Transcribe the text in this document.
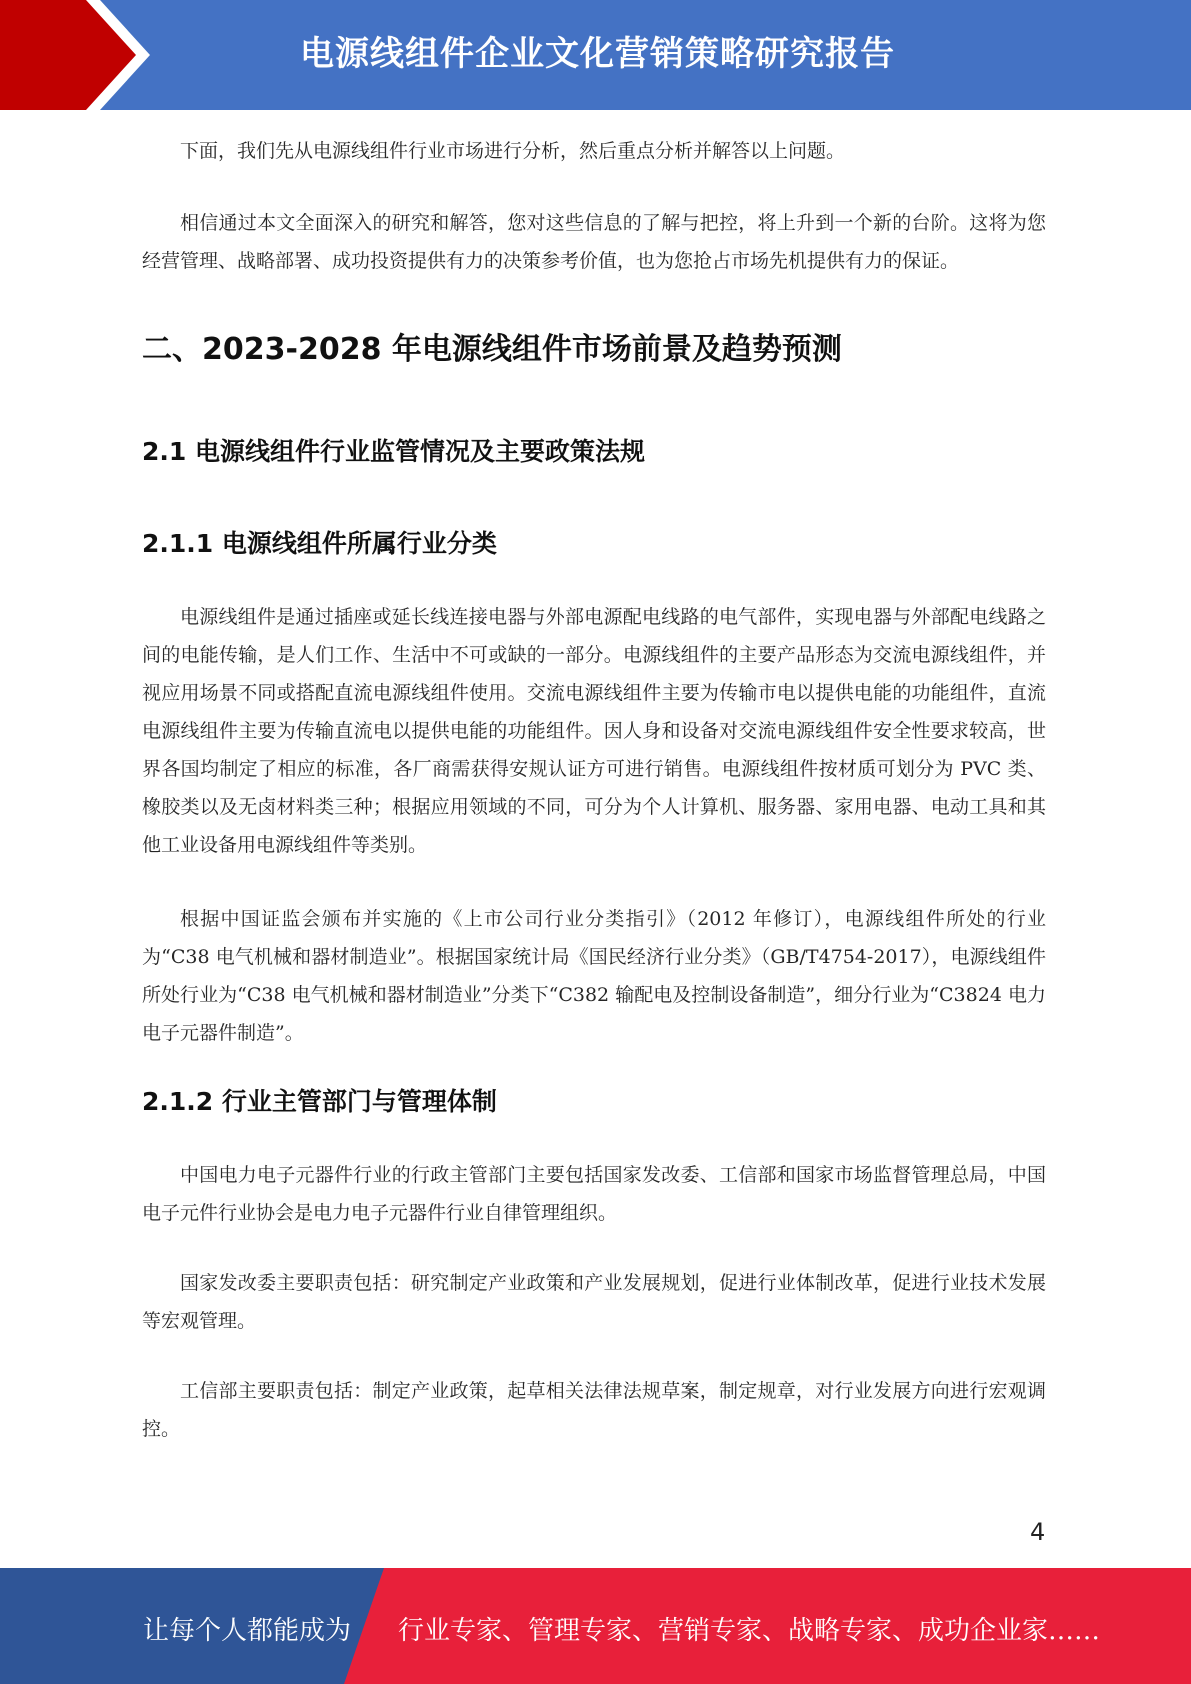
电源线组件企业文化营销策略研究报告

下面，我们先从电源线组件行业市场进行分析，然后重点分析并解答以上问题。

相信通过本文全面深入的研究和解答，您对这些信息的了解与把控，将上升到一个新的台阶。这将为您经营管理、战略部署、成功投资提供有力的决策参考价值，也为您抢占市场先机提供有力的保证。

二、2023-2028 年电源线组件市场前景及趋势预测
2.1 电源线组件行业监管情况及主要政策法规
2.1.1 电源线组件所属行业分类

电源线组件是通过插座或延长线连接电器与外部电源配电线路的电气部件，实现电器与外部配电线路之间的电能传输，是人们工作、生活中不可或缺的一部分。电源线组件的主要产品形态为交流电源线组件，并视应用场景不同或搭配直流电源线组件使用。交流电源线组件主要为传输市电以提供电能的功能组件，直流电源线组件主要为传输直流电以提供电能的功能组件。因人身和设备对交流电源线组件安全性要求较高，世界各国均制定了相应的标准，各厂商需获得安规认证方可进行销售。电源线组件按材质可划分为 PVC 类、橡胶类以及无卤材料类三种；根据应用领域的不同，可分为个人计算机、服务器、家用电器、电动工具和其他工业设备用电源线组件等类别。

根据中国证监会颁布并实施的《上市公司行业分类指引》（2012 年修订），电源线组件所处的行业为“C38 电气机械和器材制造业”。根据国家统计局《国民经济行业分类》（GB/T4754-2017），电源线组件所处行业为“C38 电气机械和器材制造业”分类下“C382 输配电及控制设备制造”，细分行业为“C3824 电力电子元器件制造”。

2.1.2 行业主管部门与管理体制

中国电力电子元器件行业的行政主管部门主要包括国家发改委、工信部和国家市场监督管理总局，中国电子元件行业协会是电力电子元器件行业自律管理组织。

国家发改委主要职责包括：研究制定产业政策和产业发展规划，促进行业体制改革，促进行业技术发展等宏观管理。

工信部主要职责包括：制定产业政策，起草相关法律法规草案，制定规章，对行业发展方向进行宏观调控。

4
让每个人都能成为 行业专家、管理专家、营销专家、战略专家、成功企业家……
